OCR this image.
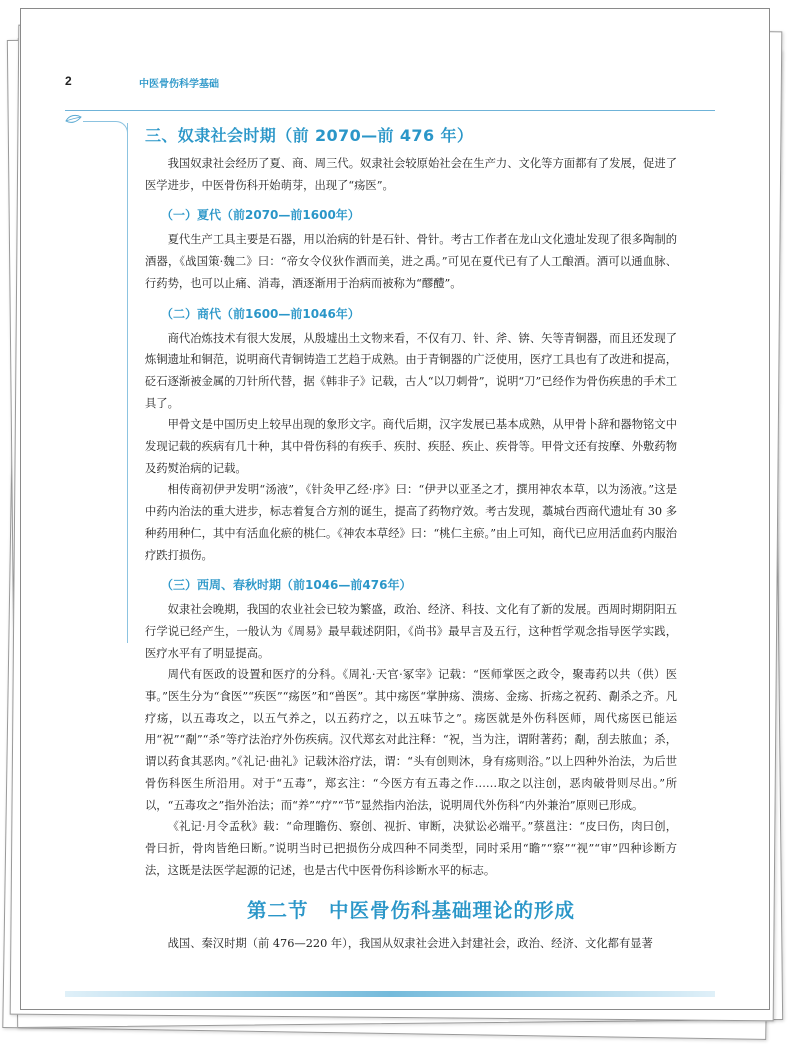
2	中医骨伤科学基础
三、奴隶社会时期（前 2070—前 476 年）

我国奴隶社会经历了夏、商、周三代。奴隶社会较原始社会在生产力、文化等方面都有了发展，促进了医学进步，中医骨伤科开始萌芽，出现了“疡医”。

（一）夏代（前2070—前1600年）

夏代生产工具主要是石器，用以治病的针是石针、骨针。考古工作者在龙山文化遗址发现了很多陶制的酒器，《战国策·魏二》曰：“帝女令仪狄作酒而美，进之禹。”可见在夏代已有了人工酿酒。酒可以通血脉、行药势，也可以止痛、消毒，酒逐渐用于治病而被称为“醪醴”。

（二）商代（前1600—前1046年）

商代冶炼技术有很大发展，从殷墟出土文物来看，不仅有刀、针、斧、锛、矢等青铜器，而且还发现了炼铜遗址和铜范，说明商代青铜铸造工艺趋于成熟。由于青铜器的广泛使用，医疗工具也有了改进和提高，砭石逐渐被金属的刀针所代替，据《韩非子》记载，古人“以刀刺骨”，说明“刀”已经作为骨伤疾患的手术工具了。

甲骨文是中国历史上较早出现的象形文字。商代后期，汉字发展已基本成熟，从甲骨卜辞和器物铭文中发现记载的疾病有几十种，其中骨伤科的有疾手、疾肘、疾胫、疾止、疾骨等。甲骨文还有按摩、外敷药物及药熨治病的记载。

相传商初伊尹发明“汤液”，《针灸甲乙经·序》曰：“伊尹以亚圣之才，撰用神农本草，以为汤液。”这是中药内治法的重大进步，标志着复合方剂的诞生，提高了药物疗效。考古发现，藁城台西商代遗址有 30 多种药用种仁，其中有活血化瘀的桃仁。《神农本草经》曰：“桃仁主瘀。”由上可知，商代已应用活血药内服治疗跌打损伤。

（三）西周、春秋时期（前1046—前476年）

奴隶社会晚期，我国的农业社会已较为繁盛，政治、经济、科技、文化有了新的发展。西周时期阴阳五行学说已经产生，一般认为《周易》最早载述阴阳，《尚书》最早言及五行，这种哲学观念指导医学实践，医疗水平有了明显提高。

周代有医政的设置和医疗的分科。《周礼·天官·冢宰》记载：“医师掌医之政令，聚毒药以共（供）医事。”医生分为“食医”“疾医”“疡医”和“兽医”。其中疡医“掌肿疡、溃疡、金疡、折疡之祝药、劀杀之齐。凡疗疡，以五毒攻之，以五气养之，以五药疗之，以五味节之”。疡医就是外伤科医师，周代疡医已能运用“祝”“劀”“杀”等疗法治疗外伤疾病。汉代郑玄对此注释：“祝，当为注，谓附著药；劀，刮去脓血；杀，谓以药食其恶肉。”《礼记·曲礼》记载沐浴疗法，谓：“头有创则沐，身有疡则浴。”以上四种外治法，为后世骨伤科医生所沿用。对于“五毒”，郑玄注：“今医方有五毒之作……取之以注创，恶肉破骨则尽出。”所以，“五毒攻之”指外治法；而“养”“疗”“节”显然指内治法，说明周代外伤科“内外兼治”原则已形成。

《礼记·月令孟秋》载：“命理瞻伤、察创、视折、审断，决狱讼必端平。”蔡邕注：“皮曰伤，肉曰创，骨曰折，骨肉皆绝曰断。”说明当时已把损伤分成四种不同类型，同时采用“瞻”“察”“视”“审”四种诊断方法，这既是法医学起源的记述，也是古代中医骨伤科诊断水平的标志。

第二节　中医骨伤科基础理论的形成

战国、秦汉时期（前 476—220 年），我国从奴隶社会进入封建社会，政治、经济、文化都有显著
